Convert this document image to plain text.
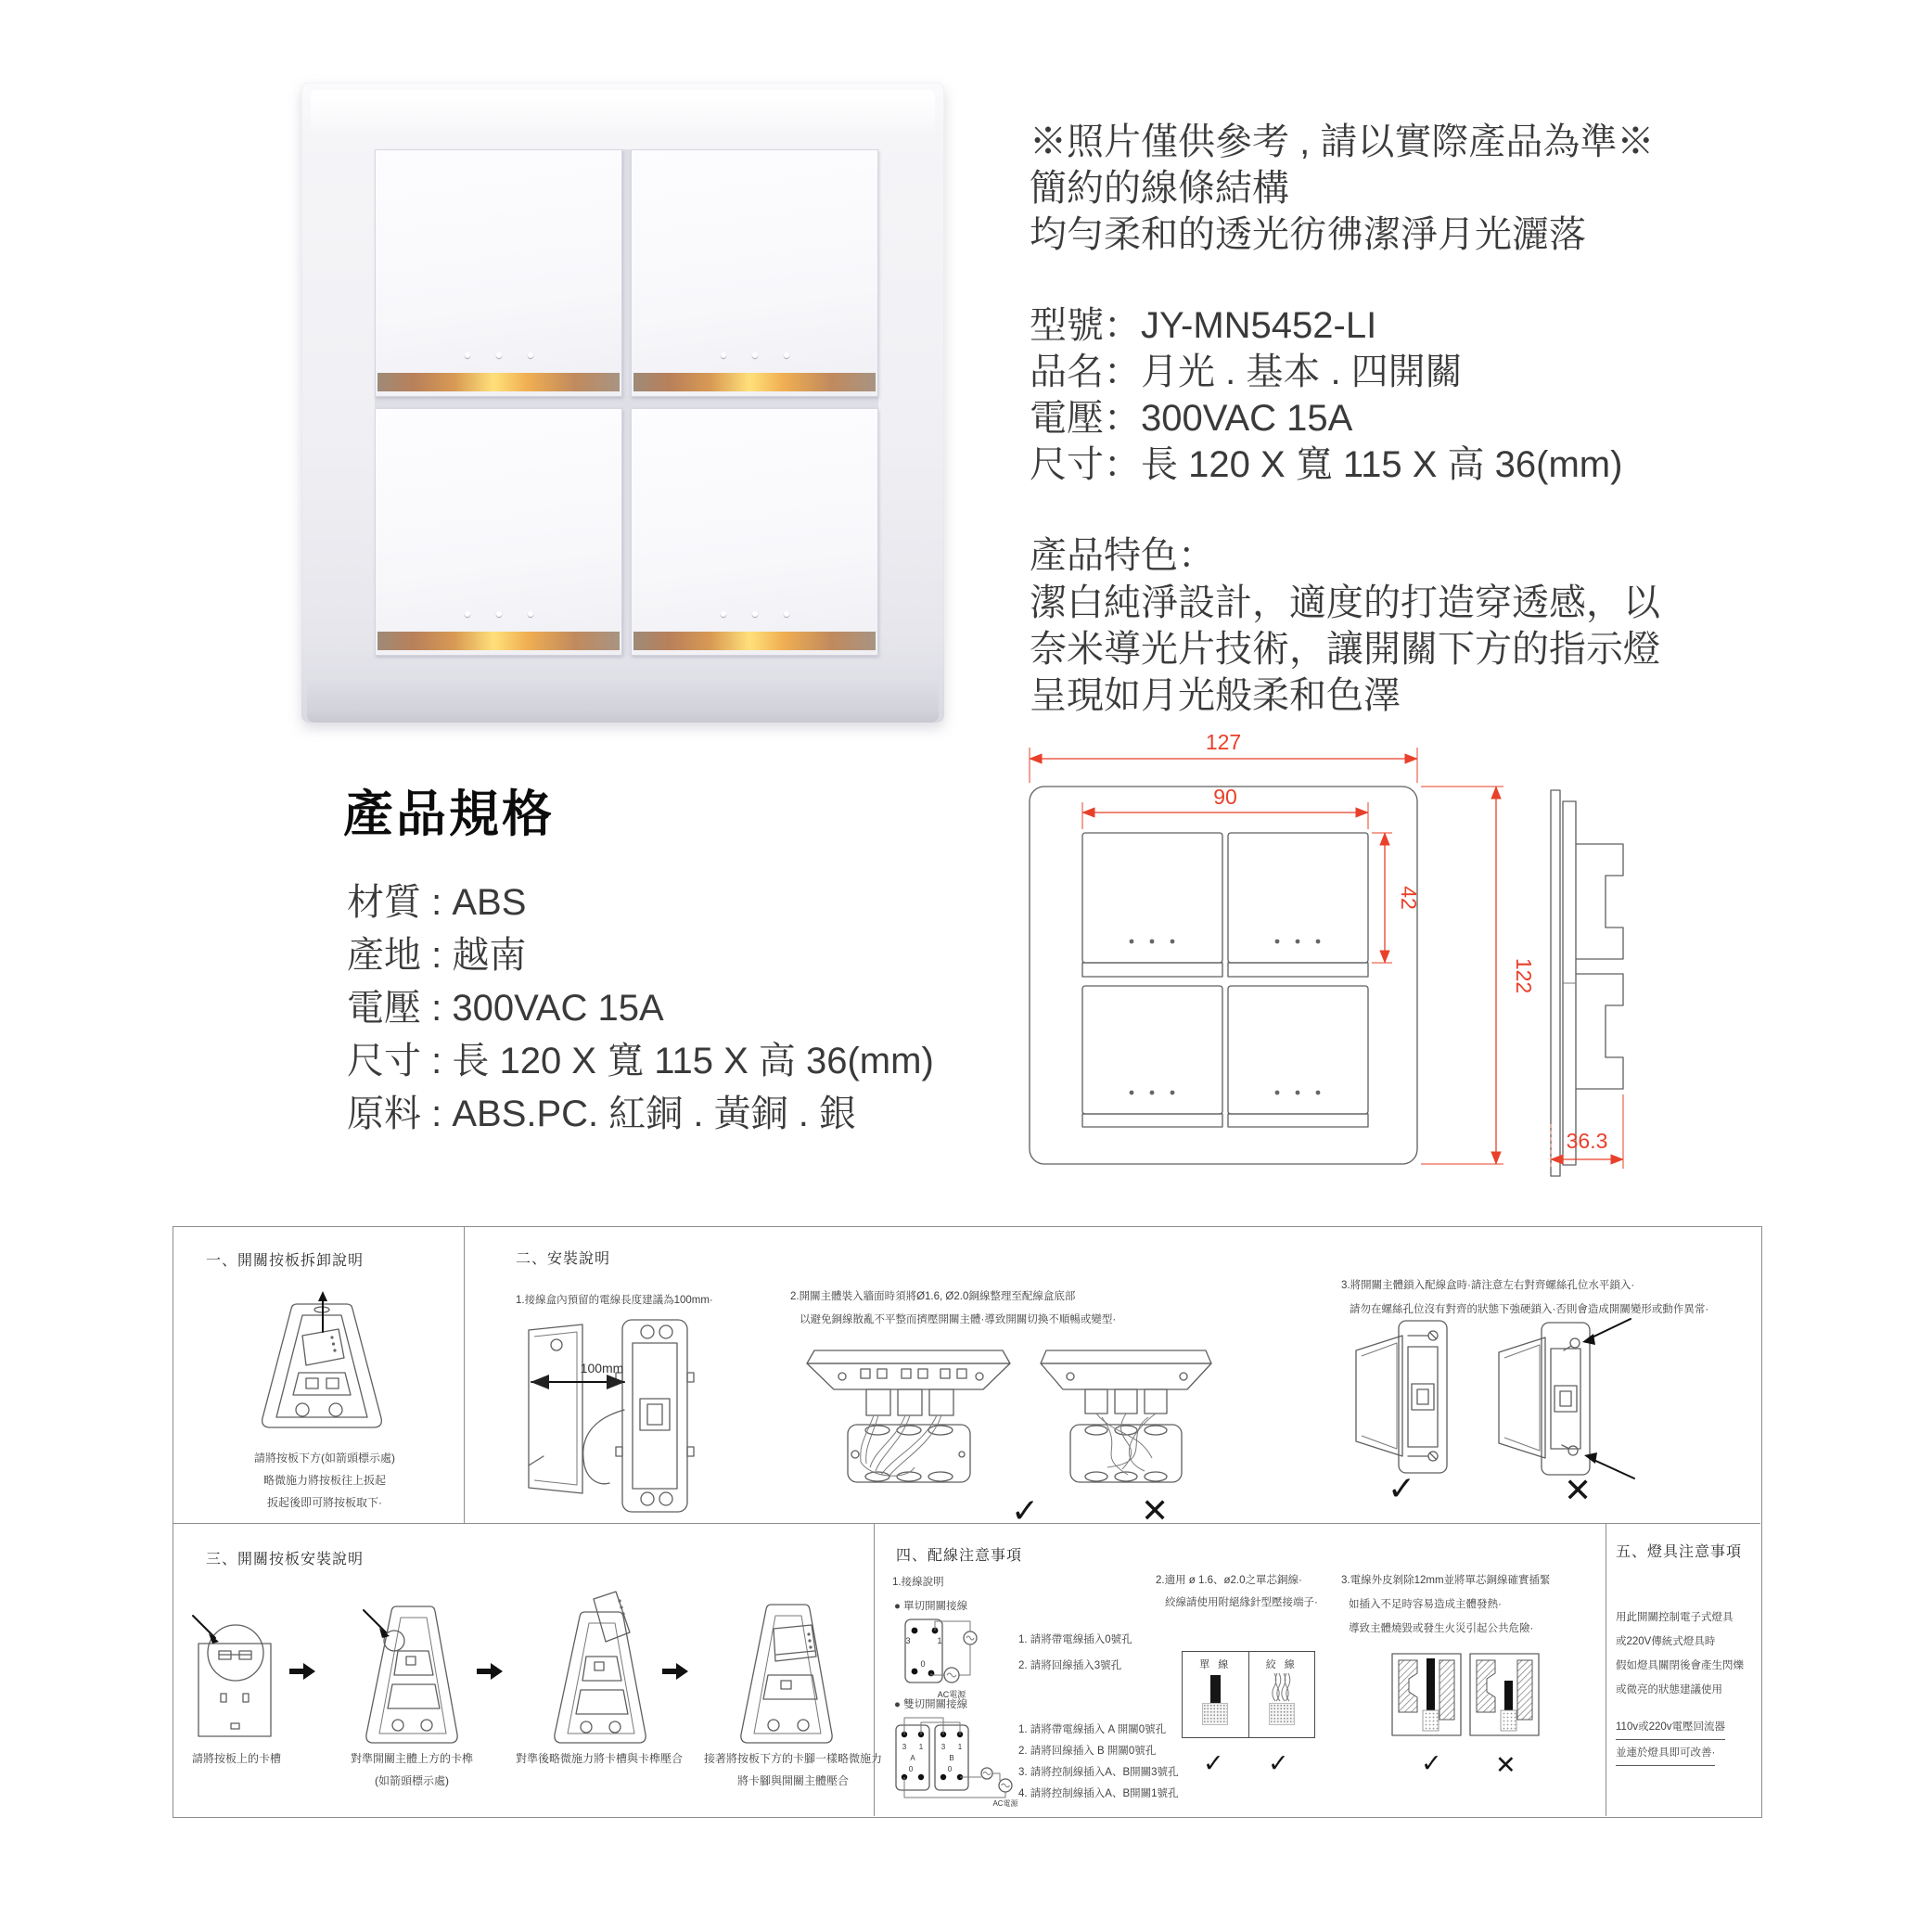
※照片僅供參考 , 請以實際產品為準※
簡約的線條結構
均勻柔和的透光彷彿潔淨月光灑落
型號：JY-MN5452-LI
品名：月光 . 基本 . 四開關
電壓：300VAC 15A
尺寸：長 120 X 寬 115 X 高 36(mm)
產品特色：
潔白純淨設計，適度的打造穿透感，以
奈米導光片技術，讓開關下方的指示燈
呈現如月光般柔和色澤
產品規格
材質 : ABS
產地 : 越南
電壓 : 300VAC 15A
尺寸 : 長 120 X 寬 115 X 高 36(mm)
原料 : ABS.PC. 紅銅 . 黃銅 . 銀
127
90
42
122
36.3
一、開關按板拆卸說明
請將按板下方(如箭頭標示處)
略微施力將按板往上扳起
扳起後即可將按板取下·
二、安裝說明
1.接線盒內預留的電線長度建議為100mm·
100mm
2.開關主體裝入牆面時須將Ø1.6, Ø2.0銅線整理至配線盒底部
以避免銅線散亂不平整而擠壓開關主體·導致開關切換不順暢或變型·
✓	✕
3.將開關主體鎖入配線盒時·請注意左右對齊螺絲孔位水平鎖入·
請勿在螺絲孔位沒有對齊的狀態下強硬鎖入·否則會造成開關變形或動作異常·
✓	✕
三、開關按板安裝說明
請將按板上的卡槽	對準開關主體上方的卡榫
(如箭頭標示處)
對準後略微施力將卡槽與卡榫壓合	接著將按板下方的卡腳一樣略微施力
將卡腳與開關主體壓合
四、配線注意事項
1.接線說明
● 單切開關接線
3	1
0
AC電源
1. 請將帶電線插入0號孔
2. 請將回線插入3號孔
● 雙切開關接線
3 1 3 1
A	B
0	0
AC電源
1. 請將帶電線插入 A 開關0號孔
2. 請將回線插入 B 開關0號孔
3. 請將控制線插入A、B開關3號孔
4. 請將控制線插入A、B開關1號孔
2.適用 ø 1.6、ø2.0之單芯銅線·
絞線請使用附絕緣針型壓接端子·
單 線	絞 線
✓ ✓
3.電線外皮剝除12mm並將單芯銅線確實插緊
如插入不足時容易造成主體發熱·
導致主體燒毀或發生火災引起公共危險·
✓ ✕
五、燈具注意事項
用此開關控制電子式燈具
或220V傳統式燈具時
假如燈具關閉後會產生閃爍
或微亮的狀態建議使用
110v或220v電壓回流器
並連於燈具即可改善·
